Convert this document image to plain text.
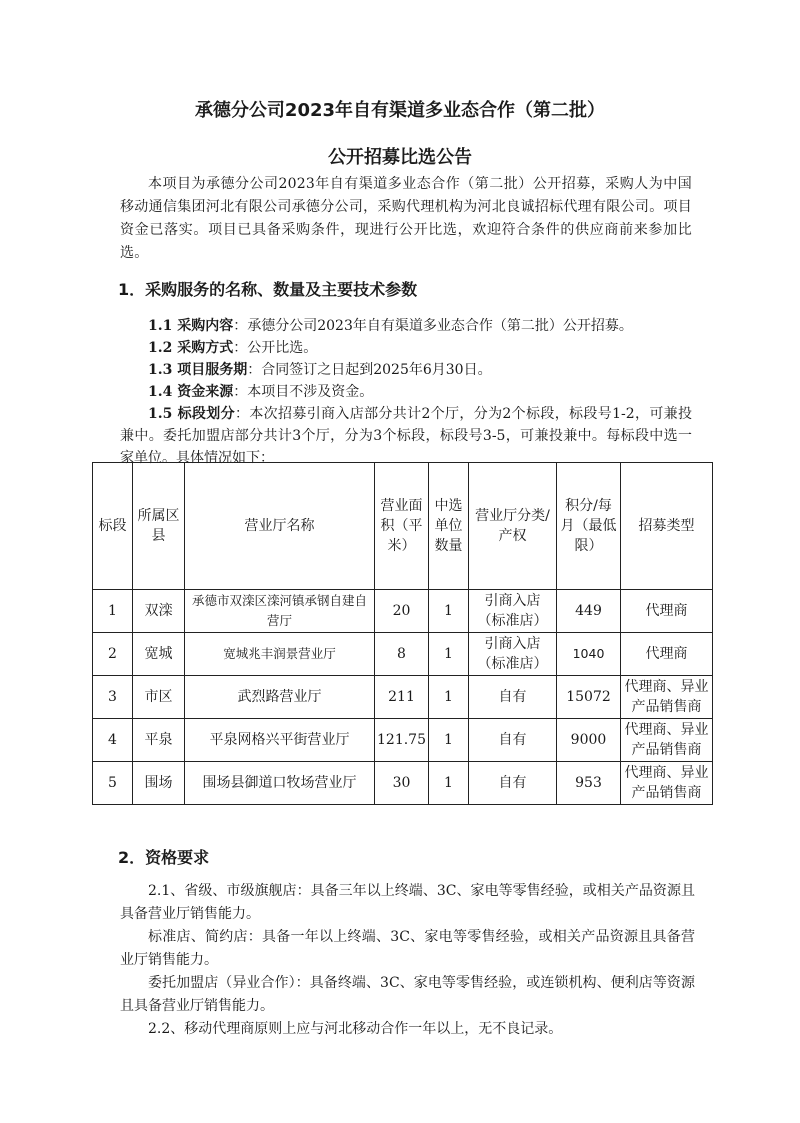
承德分公司2023年自有渠道多业态合作（第二批）
公开招募比选公告
本项目为承德分公司2023年自有渠道多业态合作（第二批）公开招募，采购人为中国移动通信集团河北有限公司承德分公司，采购代理机构为河北良诚招标代理有限公司。项目资金已落实。项目已具备采购条件，现进行公开比选，欢迎符合条件的供应商前来参加比选。
1．采购服务的名称、数量及主要技术参数
1.1 采购内容：承德分公司2023年自有渠道多业态合作（第二批）公开招募。
1.2 采购方式：公开比选。
1.3 项目服务期：合同签订之日起到2025年6月30日。
1.4 资金来源：本项目不涉及资金。
1.5 标段划分：本次招募引商入店部分共计2个厅，分为2个标段，标段号1-2，可兼投兼中。委托加盟店部分共计3个厅，分为3个标段，标段号3-5，可兼投兼中。每标段中选一家单位。具体情况如下：
标段	所属区县	营业厅名称	营业面积（平米）	中选单位数量	营业厅分类/产权	积分/每月（最低限）	招募类型
1	双滦	承德市双滦区滦河镇承钢自建自营厅	20	1	引商入店（标准店）	449	代理商
2	宽城	宽城兆丰润景营业厅	8	1	引商入店（标准店）	1040	代理商
3	市区	武烈路营业厅	211	1	自有	15072	代理商、异业产品销售商
4	平泉	平泉网格兴平街营业厅	121.75	1	自有	9000	代理商、异业产品销售商
5	围场	围场县御道口牧场营业厅	30	1	自有	953	代理商、异业产品销售商
2．资格要求
2.1、省级、市级旗舰店：具备三年以上终端、3C、家电等零售经验，或相关产品资源且具备营业厅销售能力。
标准店、简约店：具备一年以上终端、3C、家电等零售经验，或相关产品资源且具备营业厅销售能力。
委托加盟店（异业合作）：具备终端、3C、家电等零售经验，或连锁机构、便利店等资源且具备营业厅销售能力。
2.2、移动代理商原则上应与河北移动合作一年以上，无不良记录。
